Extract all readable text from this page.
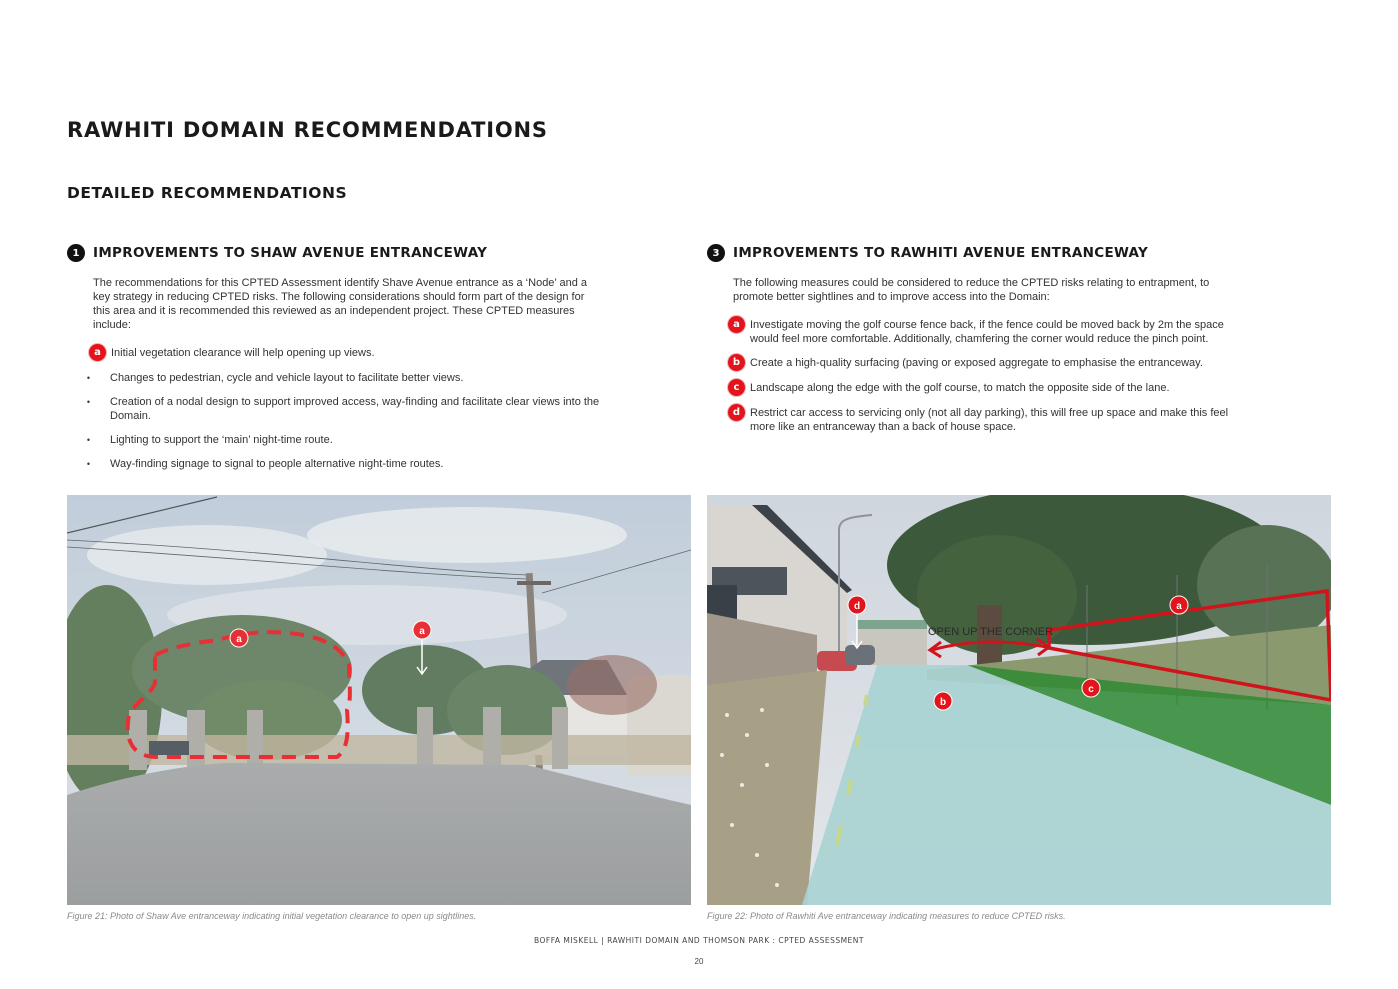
RAWHITI DOMAIN RECOMMENDATIONS
DETAILED RECOMMENDATIONS
1	IMPROVEMENTS TO SHAW AVENUE ENTRANCEWAY
The recommendations for this CPTED Assessment identify Shave Avenue entrance as a ‘Node’ and a key strategy in reducing CPTED risks. The following considerations should form part of the design for this area and it is recommended this reviewed as an independent project. These CPTED measures include:
a Initial vegetation clearance will help opening up views.
•	Changes to pedestrian, cycle and vehicle layout to facilitate better views.
•	Creation of a nodal design to support improved access, way-finding and facilitate clear views into the Domain.
•	Lighting to support the ‘main’ night-time route.
•	Way-finding signage to signal to people alternative night-time routes.
3	IMPROVEMENTS TO RAWHITI AVENUE ENTRANCEWAY
The following measures could be considered to reduce the CPTED risks relating to entrapment, to promote better sightlines and to improve access into the Domain:
a Investigate moving the golf course fence back, if the fence could be moved back by 2m the space would feel more comfortable. Additionally, chamfering the corner would reduce the pinch point.
b Create a high-quality surfacing (paving or exposed aggregate to emphasise the entranceway.
c Landscape along the edge with the golf course, to match the opposite side of the lane.
d Restrict car access to servicing only (not all day parking), this will free up space and make this feel more like an entranceway than a back of house space.
a
a
Figure 21: Photo of Shaw Ave entranceway indicating initial vegetation clearance to open up sightlines.
OPEN UP THE CORNER
d	a
b
c
Figure 22: Photo of Rawhiti Ave entranceway indicating measures to reduce CPTED risks.
BOFFA MISKELL | RAWHITI DOMAIN AND THOMSON PARK : CPTED ASSESSMENT
20
